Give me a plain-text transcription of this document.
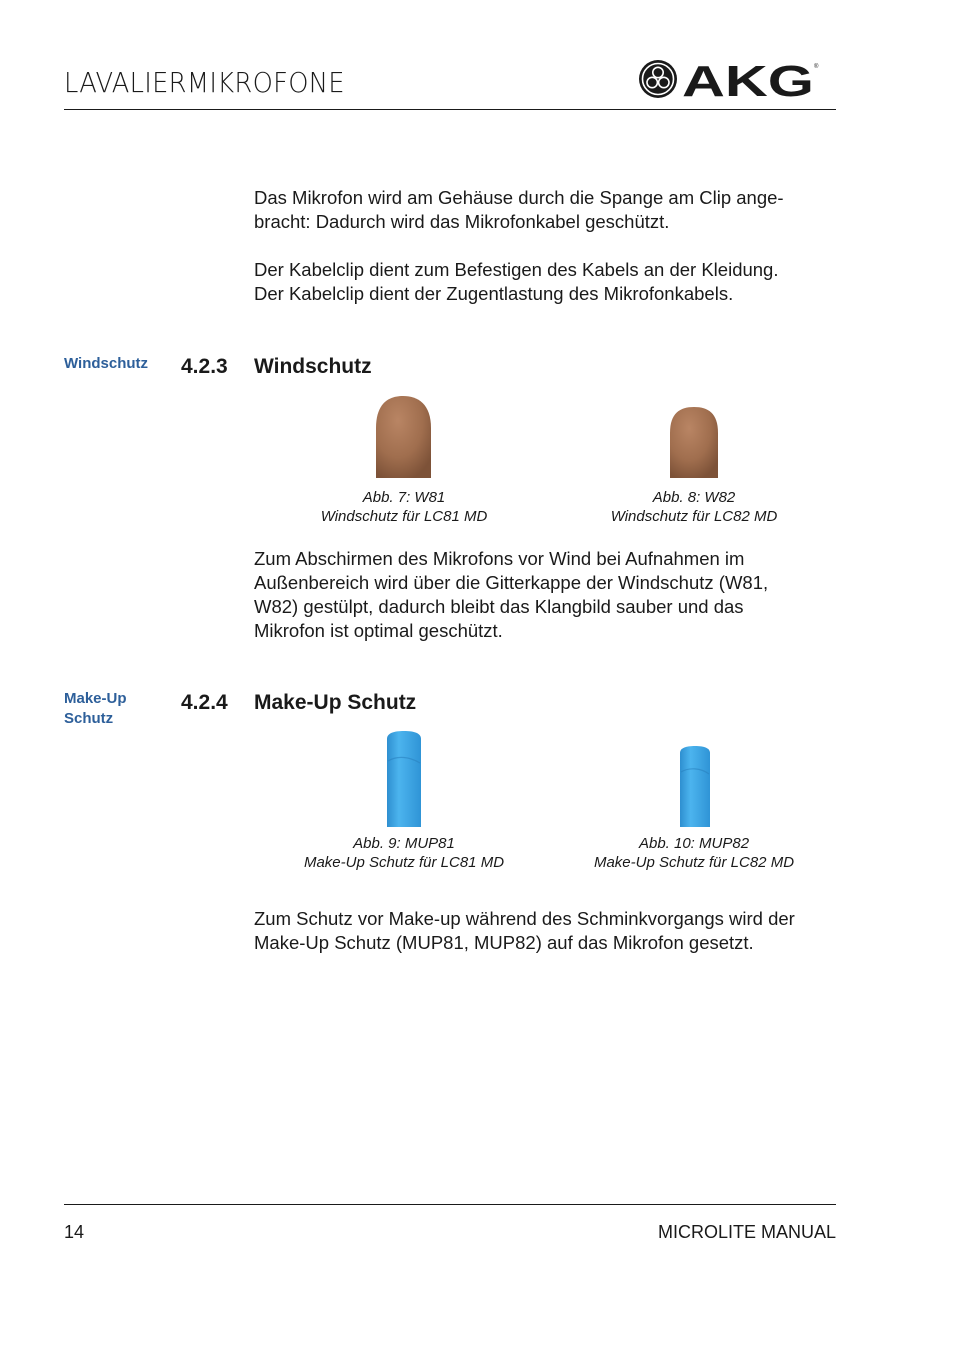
LAVALIERMIKROFONE	AKG ®

Das Mikrofon wird am Gehäuse durch die Spange am Clip ange-
bracht: Dadurch wird das Mikrofonkabel geschützt.

Der Kabelclip dient zum Befestigen des Kabels an der Kleidung.
Der Kabelclip dient der Zugentlastung des Mikrofonkabels.

Windschutz 4.2.3 Windschutz
Abb. 7: W81
Windschutz für LC81 MD
Abb. 8: W82
Windschutz für LC82 MD

Zum Abschirmen des Mikrofons vor Wind bei Aufnahmen im
Außenbereich wird über die Gitterkappe der Windschutz (W81,
W82) gestülpt, dadurch bleibt das Klangbild sauber und das
Mikrofon ist optimal geschützt.

Make-Up
Schutz
4.2.4 Make-Up Schutz
Abb. 9: MUP81
Make-Up Schutz für LC81 MD
Abb. 10: MUP82
Make-Up Schutz für LC82 MD

Zum Schutz vor Make-up während des Schminkvorgangs wird der
Make-Up Schutz (MUP81, MUP82) auf das Mikrofon gesetzt.

14	MICROLITE MANUAL
